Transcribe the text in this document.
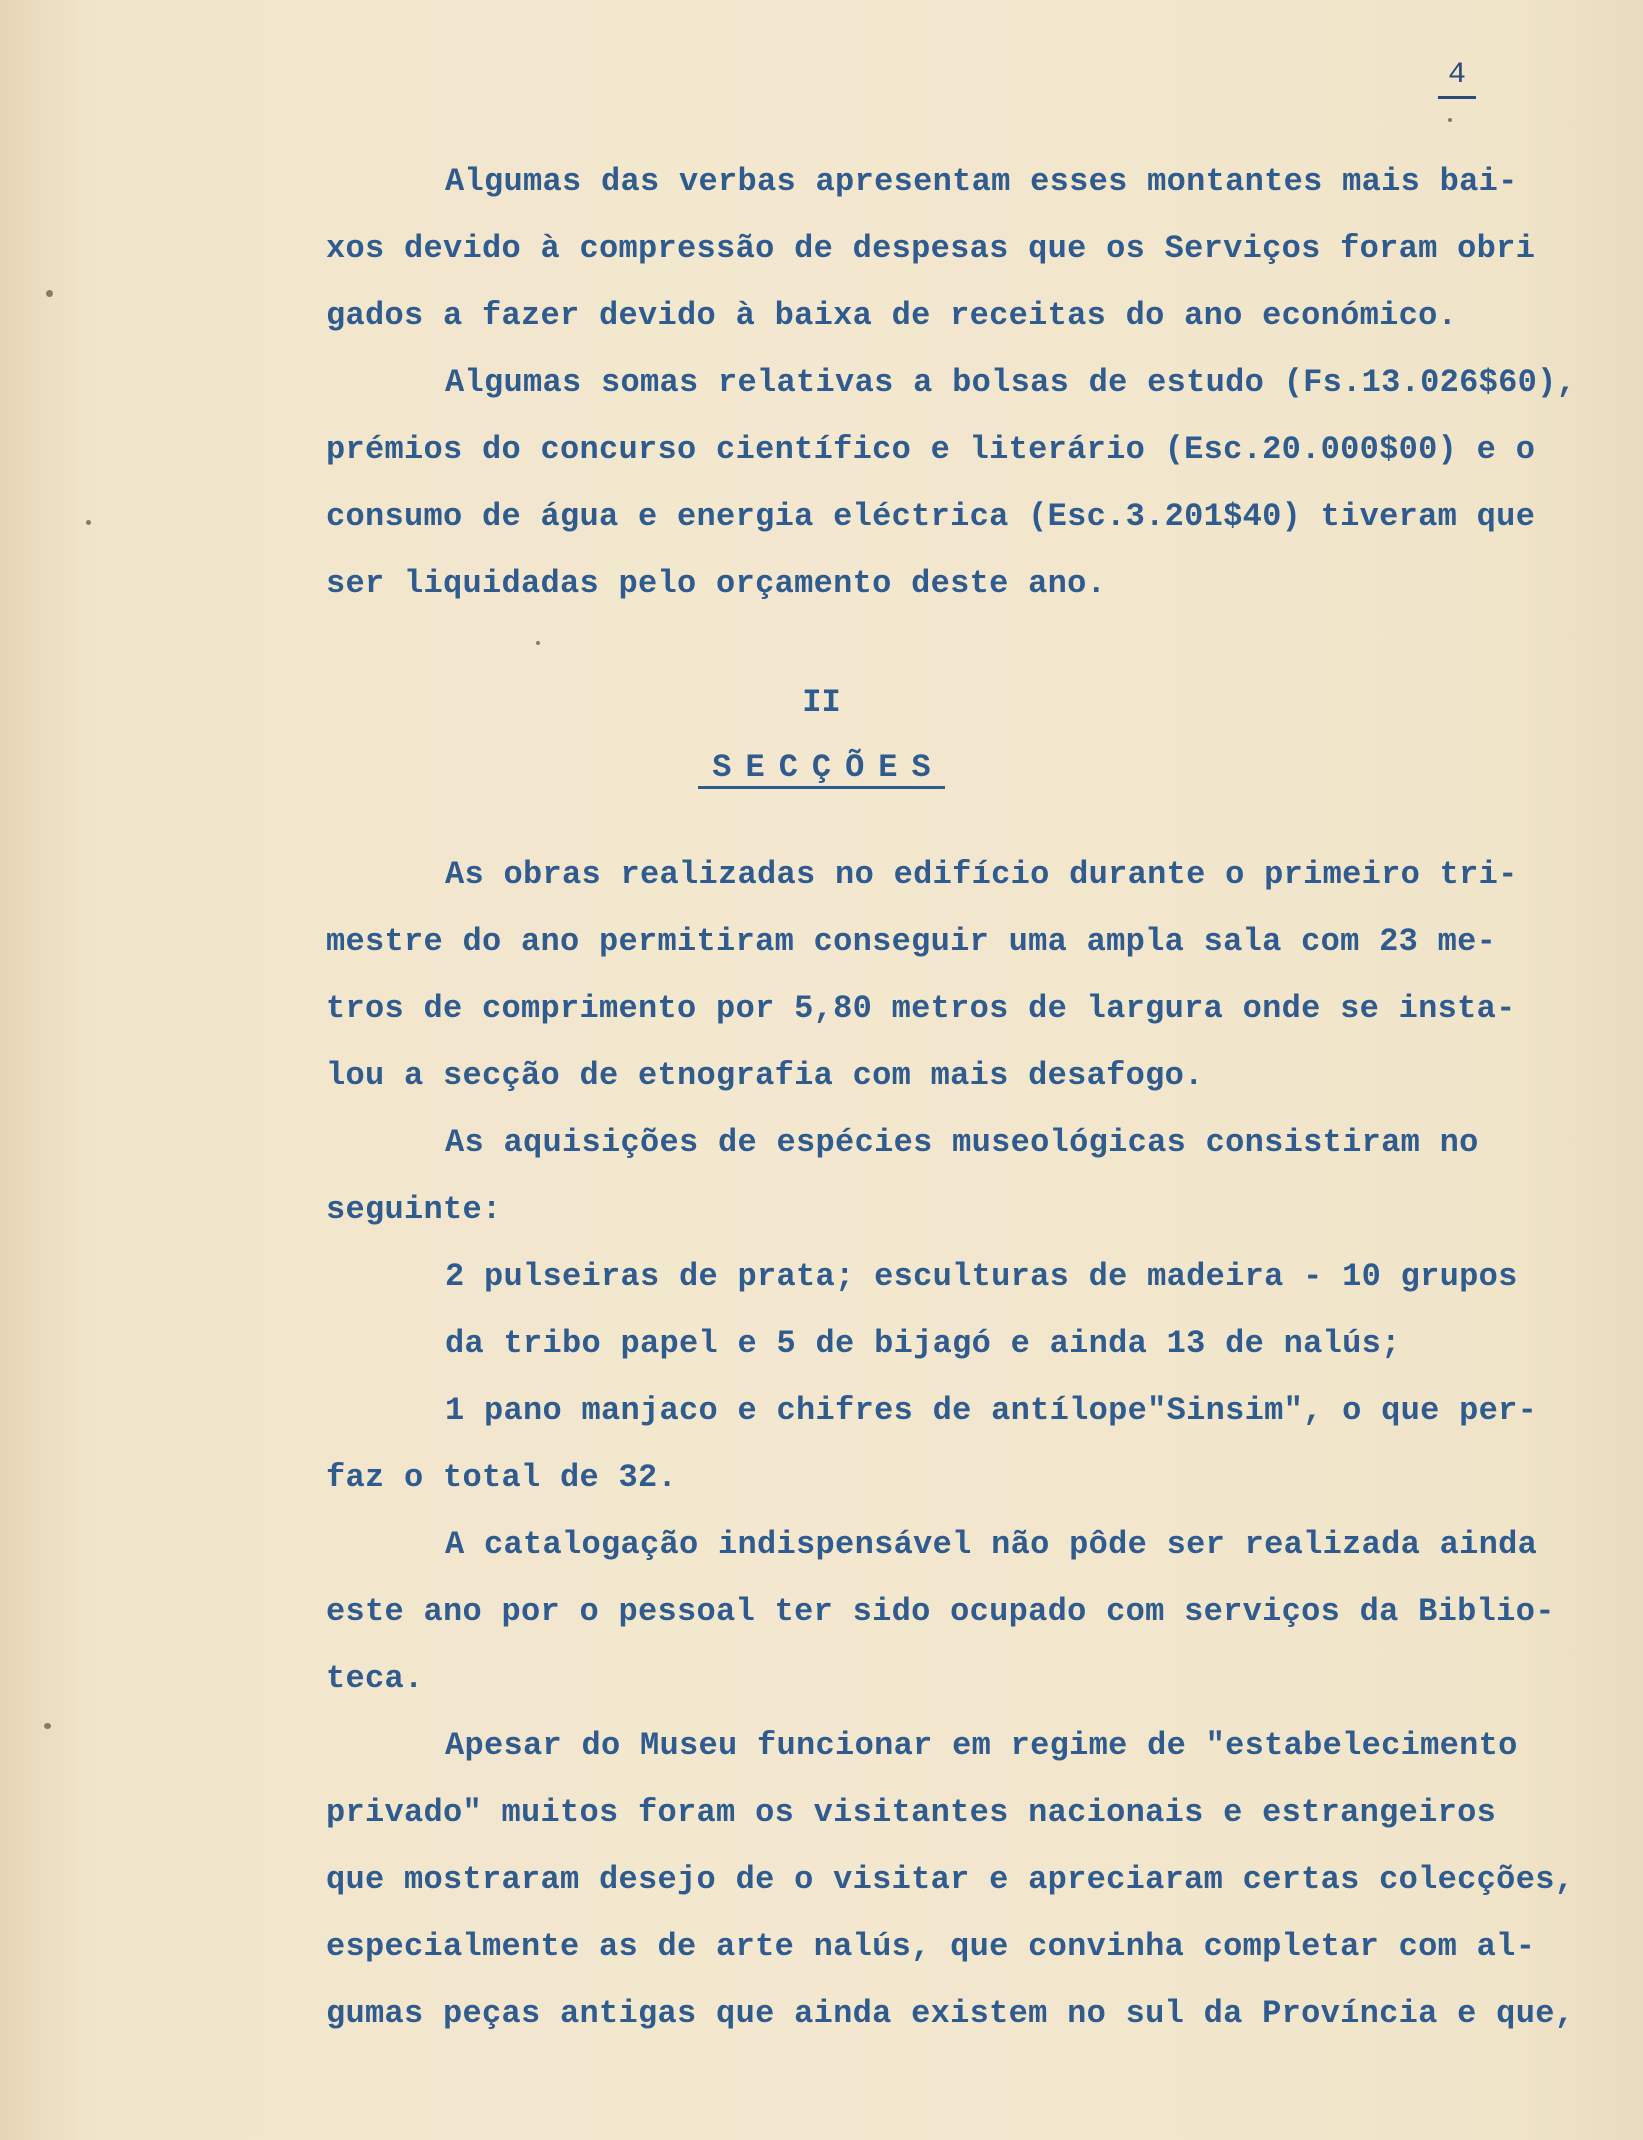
4
Algumas das verbas apresentam esses montantes mais bai-
xos devido à compressão de despesas que os Serviços foram obri
gados a fazer devido à baixa de receitas do ano económico.
Algumas somas relativas a bolsas de estudo (Fs.13.026$60),
prémios do concurso científico e literário (Esc.20.000$00) e o
consumo de água e energia eléctrica (Esc.3.201$40) tiveram que
ser liquidadas pelo orçamento deste ano.
II
SECÇÕES
As obras realizadas no edifício durante o primeiro tri-
mestre do ano permitiram conseguir uma ampla sala com 23 me-
tros de comprimento por 5,80 metros de largura onde se insta-
lou a secção de etnografia com mais desafogo.
As aquisições de espécies museológicas consistiram no
seguinte:
2 pulseiras de prata; esculturas de madeira - 10 grupos
da tribo papel e 5 de bijagó e ainda 13 de nalús;
1 pano manjaco e chifres de antílope"Sinsim", o que per-
faz o total de 32.
A catalogação indispensável não pôde ser realizada ainda
este ano por o pessoal ter sido ocupado com serviços da Biblio-
teca.
Apesar do Museu funcionar em regime de "estabelecimento
privado" muitos foram os visitantes nacionais e estrangeiros
que mostraram desejo de o visitar e apreciaram certas colecções,
especialmente as de arte nalús, que convinha completar com al-
gumas peças antigas que ainda existem no sul da Província e que,
